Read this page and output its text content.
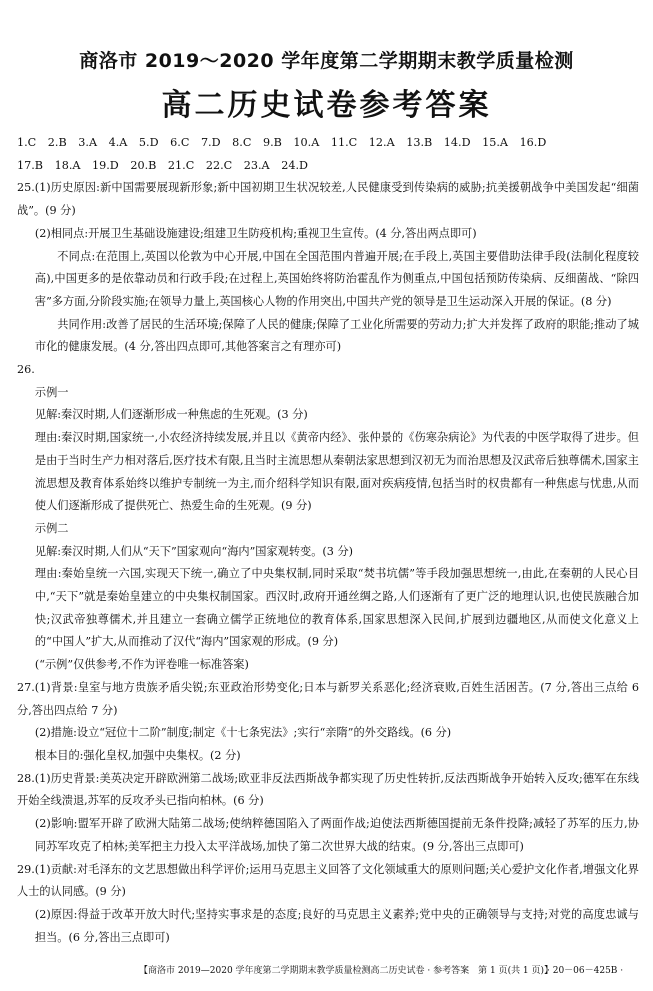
商洛市 2019～2020 学年度第二学期期末教学质量检测
高二历史试卷参考答案

1.C 2.B 3.A 4.A 5.D 6.C 7.D 8.C 9.B 10.A 11.C 12.A 13.B 14.D 15.A 16.D

17.B 18.A 19.D 20.B 21.C 22.C 23.A 24.D

25.(1)历史原因:新中国需要展现新形象;新中国初期卫生状况较差,人民健康受到传染病的威胁;抗美援朝战争中美国发起“细菌战”。(9 分)

(2)相同点:开展卫生基础设施建设;组建卫生防疫机构;重视卫生宣传。(4 分,答出两点即可)

不同点:在范围上,英国以伦敦为中心开展,中国在全国范围内普遍开展;在手段上,英国主要借助法律手段(法制化程度较高),中国更多的是依靠动员和行政手段;在过程上,英国始终将防治霍乱作为侧重点,中国包括预防传染病、反细菌战、“除四害”多方面,分阶段实施;在领导力量上,英国核心人物的作用突出,中国共产党的领导是卫生运动深入开展的保证。(8 分)

共同作用:改善了居民的生活环境;保障了人民的健康;保障了工业化所需要的劳动力;扩大并发挥了政府的职能;推动了城市化的健康发展。(4 分,答出四点即可,其他答案言之有理亦可)

26.

示例一

见解:秦汉时期,人们逐渐形成一种焦虑的生死观。(3 分)

理由:秦汉时期,国家统一,小农经济持续发展,并且以《黄帝内经》、张仲景的《伤寒杂病论》为代表的中医学取得了进步。但是由于当时生产力相对落后,医疗技术有限,且当时主流思想从秦朝法家思想到汉初无为而治思想及汉武帝后独尊儒术,国家主流思想及教育体系始终以维护专制统一为主,而介绍科学知识有限,面对疾病疫情,包括当时的权贵都有一种焦虑与忧患,从而使人们逐渐形成了提供死亡、热爱生命的生死观。(9 分)

示例二

见解:秦汉时期,人们从“天下”国家观向“海内”国家观转变。(3 分)

理由:秦始皇统一六国,实现天下统一,确立了中央集权制,同时采取“焚书坑儒”等手段加强思想统一,由此,在秦朝的人民心目中,“天下”就是秦始皇建立的中央集权制国家。西汉时,政府开通丝绸之路,人们逐渐有了更广泛的地理认识,也使民族融合加快;汉武帝独尊儒术,并且建立一套确立儒学正统地位的教育体系,国家思想深入民间,扩展到边疆地区,从而使文化意义上的“中国人”扩大,从而推动了汉代“海内”国家观的形成。(9 分)

(“示例”仅供参考,不作为评卷唯一标准答案)

27.(1)背景:皇室与地方贵族矛盾尖锐;东亚政治形势变化;日本与新罗关系恶化;经济衰败,百姓生活困苦。(7 分,答出三点给 6 分,答出四点给 7 分)

(2)措施:设立“冠位十二阶”制度;制定《十七条宪法》;实行“亲隋”的外交路线。(6 分)

根本目的:强化皇权,加强中央集权。(2 分)

28.(1)历史背景:美英决定开辟欧洲第二战场;欧亚非反法西斯战争都实现了历史性转折,反法西斯战争开始转入反攻;德军在东线开始全线溃退,苏军的反攻矛头已指向柏林。(6 分)

(2)影响:盟军开辟了欧洲大陆第二战场;使纳粹德国陷入了两面作战;迫使法西斯德国提前无条件投降;减轻了苏军的压力,协同苏军攻克了柏林;美军把主力投入太平洋战场,加快了第二次世界大战的结束。(9 分,答出三点即可)

29.(1)贡献:对毛泽东的文艺思想做出科学评价;运用马克思主义回答了文化领域重大的原则问题;关心爱护文化作者,增强文化界人士的认同感。(9 分)

(2)原因:得益于改革开放大时代;坚持实事求是的态度;良好的马克思主义素养;党中央的正确领导与支持;对党的高度忠诚与担当。(6 分,答出三点即可)

【商洛市 2019—2020 学年度第二学期期末教学质量检测高二历史试卷 · 参考答案　第 1 页(共 1 页)】
· 20－06－425B ·
